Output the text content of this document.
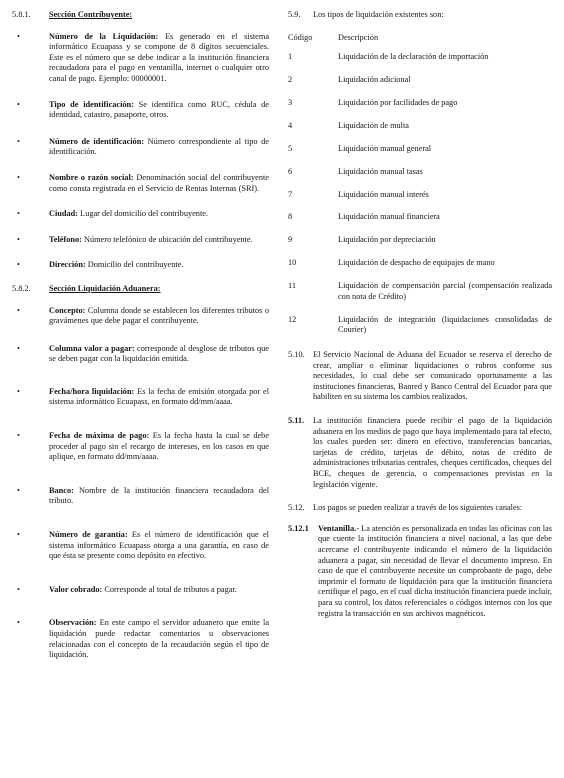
5.8.1.	Sección Contribuyente:
•	Número de la Liquidación: Es generado en el sistema informático Ecuapass y se compone de 8 dígitos secuenciales. Este es el número que se debe indicar a la institución financiera recaudadora para el pago en ventanilla, internet o cualquier otro canal de pago. Ejemplo: 00000001.
•	Tipo de identificación: Se identifica como RUC, cédula de identidad, catastro, pasaporte, otros.
•	Número de identificación: Número correspondiente al tipo de identificación.
•	Nombre o razón social: Denominación social del contribuyente como consta registrada en el Servicio de Rentas Internas (SRI).
•	Ciudad: Lugar del domicilio del contribuyente.
•	Teléfono: Número telefónico de ubicación del contribuyente.
•	Dirección: Domicilio del contribuyente.
5.8.2.	Sección Liquidación Aduanera:
•	Concepto: Columna donde se establecen los diferentes tributos o gravámenes que debe pagar el contribuyente.
•	Columna valor a pagar: corresponde al desglose de tributos que se deben pagar con la liquidación emitida.
•	Fecha/hora liquidación: Es la fecha de emisión otorgada por el sistema informático Ecuapass, en formato dd/mm/aaaa.
•	Fecha de máxima de pago: Es la fecha hasta la cual se debe proceder al pago sin el recargo de intereses, en los casos en que aplique, en formato dd/mm/aaaa.
•	Banco: Nombre de la institución financiera recaudadora del tributo.
•	Número de garantía: Es el número de identificación que el sistema informático Ecuapass otorga a una garantía, en caso de que ésta se presente como depósito en efectivo.
•	Valor cobrado: Corresponde al total de tributos a pagar.
•	Observación: En este campo el servidor aduanero que emite la liquidación puede redactar comentarios u observaciones relacionadas con el concepto de la recaudación según el tipo de liquidación.
5.9.	Los tipos de liquidación existentes son:
Código	Descripción
1	Liquidación de la declaración de importación
2	Liquidación adicional
3	Liquidación por facilidades de pago
4	Liquidación de multa
5	Liquidación manual general
6	Liquidación manual tasas
7	Liquidación manual interés
8	Liquidación manual financiera
9	Liquidación por depreciación
10	Liquidación de despacho de equipajes de mano
11	Liquidación de compensación parcial (compensación realizada con nota de Crédito)
12	Liquidación de integración (liquidaciones consolidadas de Courier)
5.10.	El Servicio Nacional de Aduana del Ecuador se reserva el derecho de crear, ampliar o eliminar liquidaciones o rubros conforme sus necesidades, lo cual debe ser comunicado oportunamente a las instituciones financieras, Banred y Banco Central del Ecuador para que habiliten en su sistema los cambios realizados.
5.11.	La institución financiera puede recibir el pago de la liquidación aduanera en los medios de pago que haya implementado para tal efecto, los cuales pueden ser: dinero en efectivo, transferencias bancarias, tarjetas de crédito, tarjetas de débito, notas de crédito de administraciones tributarias centrales, cheques certificados, cheques del BCE, cheques de gerencia, o compensaciones previstas en la legislación vigente.
5.12.	Los pagos se pueden realizar a través de los siguientes canales:
5.12.1	Ventanilla.- La atención es personalizada en todas las oficinas con las que cuente la institución financiera a nivel nacional, a las que debe acercarse el contribuyente indicando el número de la liquidación aduanera a pagar, sin necesidad de llevar el documento impreso. En caso de que el contribuyente necesite un comprobante de pago, debe imprimir el formato de liquidación para que la institución financiera certifique el pago, en el cual dicha institución financiera puede incluir, para su control, los datos referenciales o códigos internos con los que registra la transacción en sus archivos magnéticos.
